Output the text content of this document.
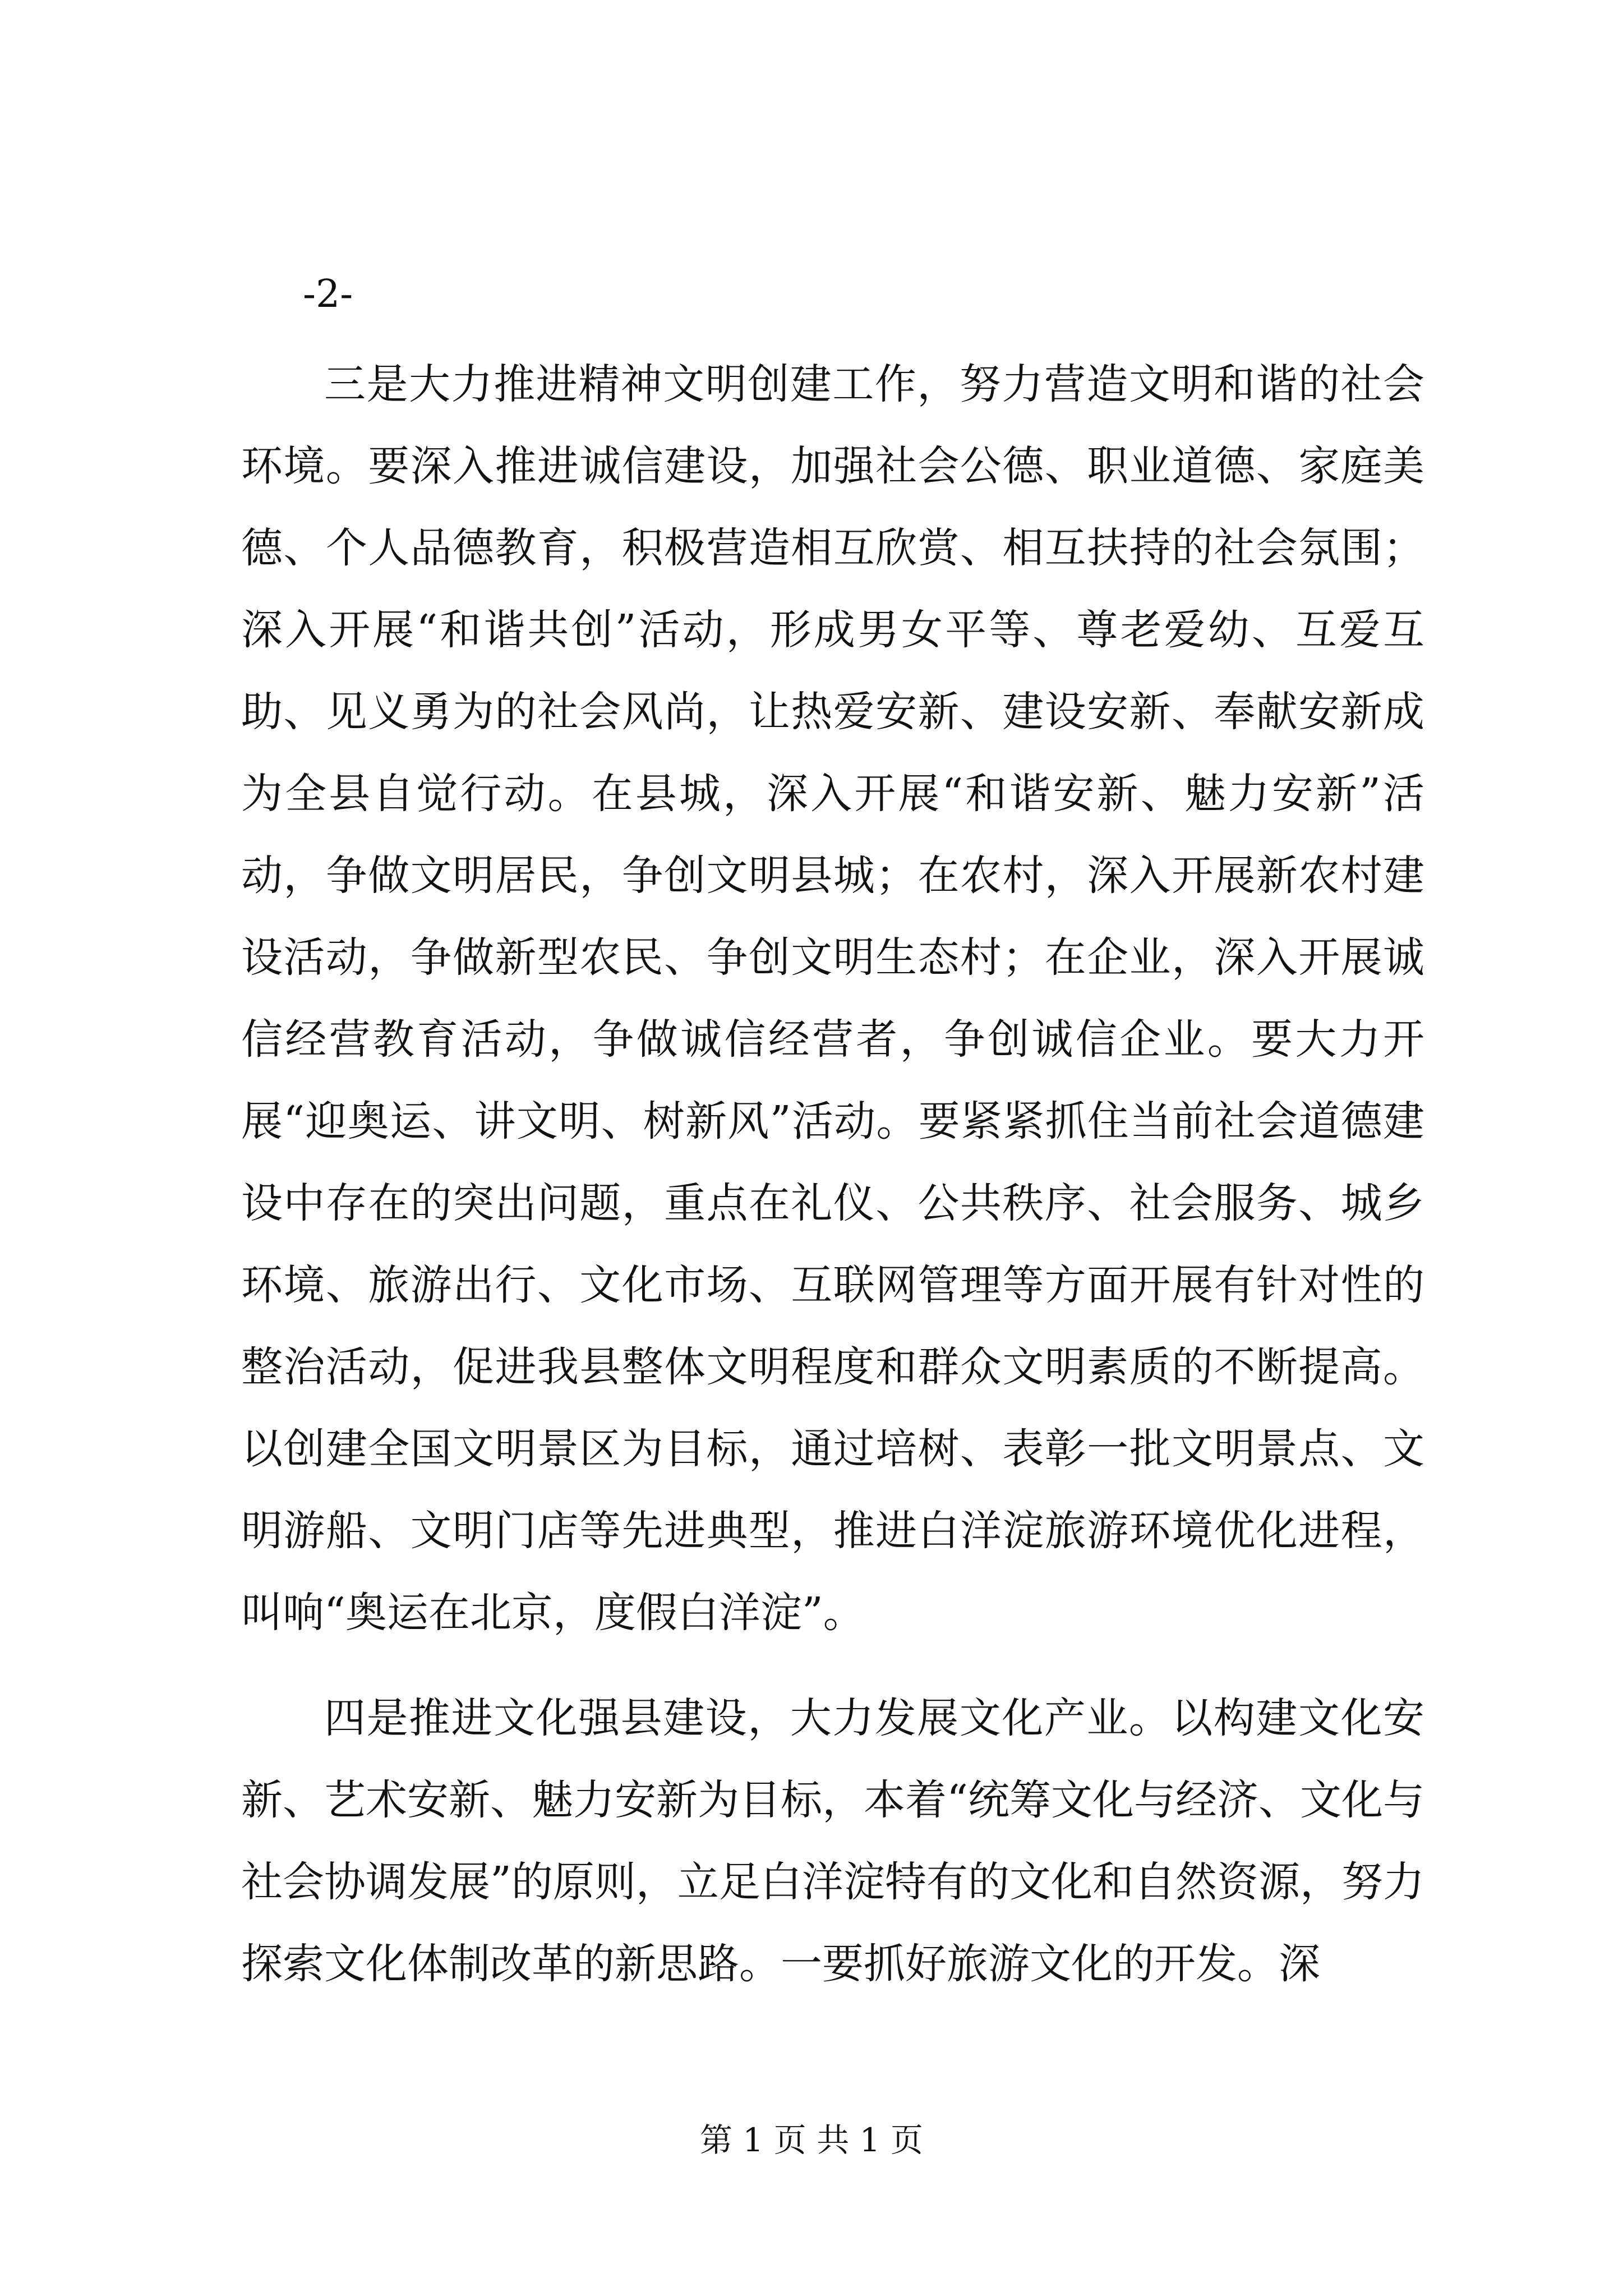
-2-

三是大力推进精神文明创建工作，努力营造文明和谐的社会环境。要深入推进诚信建设，加强社会公德、职业道德、家庭美德、个人品德教育，积极营造相互欣赏、相互扶持的社会氛围；深入开展“和谐共创”活动，形成男女平等、尊老爱幼、互爱互助、见义勇为的社会风尚，让热爱安新、建设安新、奉献安新成为全县自觉行动。在县城，深入开展“和谐安新、魅力安新”活动，争做文明居民，争创文明县城；在农村，深入开展新农村建设活动，争做新型农民、争创文明生态村；在企业，深入开展诚信经营教育活动，争做诚信经营者，争创诚信企业。要大力开展“迎奥运、讲文明、树新风”活动。要紧紧抓住当前社会道德建设中存在的突出问题，重点在礼仪、公共秩序、社会服务、城乡环境、旅游出行、文化市场、互联网管理等方面开展有针对性的整治活动，促进我县整体文明程度和群众文明素质的不断提高。以创建全国文明景区为目标，通过培树、表彰一批文明景点、文明游船、文明门店等先进典型，推进白洋淀旅游环境优化进程，叫响“奥运在北京，度假白洋淀”。

四是推进文化强县建设，大力发展文化产业。以构建文化安新、艺术安新、魅力安新为目标，本着“统筹文化与经济、文化与社会协调发展”的原则，立足白洋淀特有的文化和自然资源，努力探索文化体制改革的新思路。一要抓好旅游文化的开发。深

第 1 页 共 1 页
